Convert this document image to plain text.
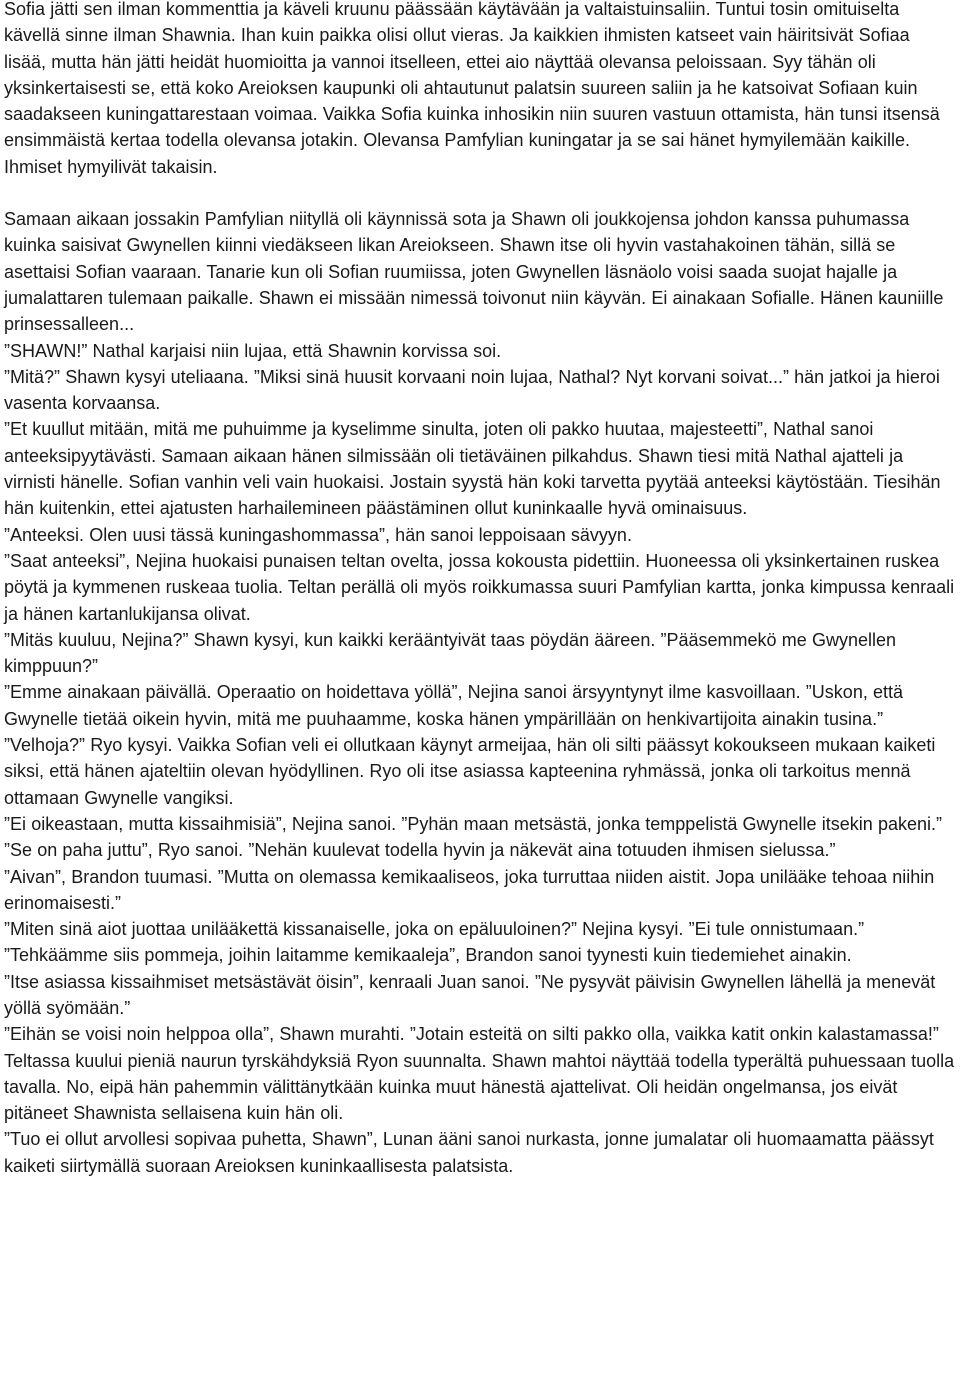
Sofia jätti sen ilman kommenttia ja käveli kruunu päässään käytävään ja valtaistuinsaliin. Tuntui tosin omituiselta kävellä sinne ilman Shawnia. Ihan kuin paikka olisi ollut vieras. Ja kaikkien ihmisten katseet vain häiritsivät Sofiaa lisää, mutta hän jätti heidät huomioitta ja vannoi itselleen, ettei aio näyttää olevansa peloissaan. Syy tähän oli yksinkertaisesti se, että koko Areioksen kaupunki oli ahtautunut palatsin suureen saliin ja he katsoivat Sofiaan kuin saadakseen kuningattarestaan voimaa. Vaikka Sofia kuinka inhosikin niin suuren vastuun ottamista, hän tunsi itsensä ensimmäistä kertaa todella olevansa jotakin. Olevansa Pamfylian kuningatar ja se sai hänet hymyilemään kaikille. Ihmiset hymyilivät takaisin.

Samaan aikaan jossakin Pamfylian niityllä oli käynnissä sota ja Shawn oli joukkojensa johdon kanssa puhumassa kuinka saisivat Gwynellen kiinni viedäkseen likan Areiokseen. Shawn itse oli hyvin vastahakoinen tähän, sillä se asettaisi Sofian vaaraan. Tanarie kun oli Sofian ruumiissa, joten Gwynellen läsnäolo voisi saada suojat hajalle ja jumalattaren tulemaan paikalle. Shawn ei missään nimessä toivonut niin käyvän. Ei ainakaan Sofialle. Hänen kauniille prinsessalleen...

”SHAWN!” Nathal karjaisi niin lujaa, että Shawnin korvissa soi.

”Mitä?” Shawn kysyi uteliaana. ”Miksi sinä huusit korvaani noin lujaa, Nathal? Nyt korvani soivat...” hän jatkoi ja hieroi vasenta korvaansa.

”Et kuullut mitään, mitä me puhuimme ja kyselimme sinulta, joten oli pakko huutaa, majesteetti”, Nathal sanoi anteeksipyytävästi. Samaan aikaan hänen silmissään oli tietäväinen pilkahdus. Shawn tiesi mitä Nathal ajatteli ja virnisti hänelle. Sofian vanhin veli vain huokaisi. Jostain syystä hän koki tarvetta pyytää anteeksi käytöstään. Tiesihän hän kuitenkin, ettei ajatusten harhailemineen päästäminen ollut kuninkaalle hyvä ominaisuus.

”Anteeksi. Olen uusi tässä kuningashommassa”, hän sanoi leppoisaan sävyyn.

”Saat anteeksi”, Nejina huokaisi punaisen teltan ovelta, jossa kokousta pidettiin. Huoneessa oli yksinkertainen ruskea pöytä ja kymmenen ruskeaa tuolia. Teltan perällä oli myös roikkumassa suuri Pamfylian kartta, jonka kimpussa kenraali ja hänen kartanlukijansa olivat.

”Mitäs kuuluu, Nejina?” Shawn kysyi, kun kaikki kerääntyivät taas pöydän ääreen. ”Pääsemmekö me Gwynellen kimppuun?”

”Emme ainakaan päivällä. Operaatio on hoidettava yöllä”, Nejina sanoi ärsyyntynyt ilme kasvoillaan. ”Uskon, että Gwynelle tietää oikein hyvin, mitä me puuhaamme, koska hänen ympärillään on henkivartijoita ainakin tusina.”

”Velhoja?” Ryo kysyi. Vaikka Sofian veli ei ollutkaan käynyt armeijaa, hän oli silti päässyt kokoukseen mukaan kaiketi siksi, että hänen ajateltiin olevan hyödyllinen. Ryo oli itse asiassa kapteenina ryhmässä, jonka oli tarkoitus mennä ottamaan Gwynelle vangiksi.

”Ei oikeastaan, mutta kissaihmisiä”, Nejina sanoi. ”Pyhän maan metsästä, jonka temppelistä Gwynelle itsekin pakeni.”

”Se on paha juttu”, Ryo sanoi. ”Nehän kuulevat todella hyvin ja näkevät aina totuuden ihmisen sielussa.”

”Aivan”, Brandon tuumasi. ”Mutta on olemassa kemikaaliseos, joka turruttaa niiden aistit. Jopa unilääke tehoaa niihin erinomaisesti.”

”Miten sinä aiot juottaa unilääkettä kissanaiselle, joka on epäluuloinen?” Nejina kysyi. ”Ei tule onnistumaan.”

”Tehkäämme siis pommeja, joihin laitamme kemikaaleja”, Brandon sanoi tyynesti kuin tiedemiehet ainakin.

”Itse asiassa kissaihmiset metsästävät öisin”, kenraali Juan sanoi. ”Ne pysyvät päivisin Gwynellen lähellä ja menevät yöllä syömään.”

”Eihän se voisi noin helppoa olla”, Shawn murahti. ”Jotain esteitä on silti pakko olla, vaikka katit onkin kalastamassa!”

Teltassa kuului pieniä naurun tyrskähdyksiä Ryon suunnalta. Shawn mahtoi näyttää todella typerältä puhuessaan tuolla tavalla. No, eipä hän pahemmin välittänytkään kuinka muut hänestä ajattelivat. Oli heidän ongelmansa, jos eivät pitäneet Shawnista sellaisena kuin hän oli.

”Tuo ei ollut arvollesi sopivaa puhetta, Shawn”, Lunan ääni sanoi nurkasta, jonne jumalatar oli huomaamatta päässyt kaiketi siirtymällä suoraan Areioksen kuninkaallisesta palatsista.
